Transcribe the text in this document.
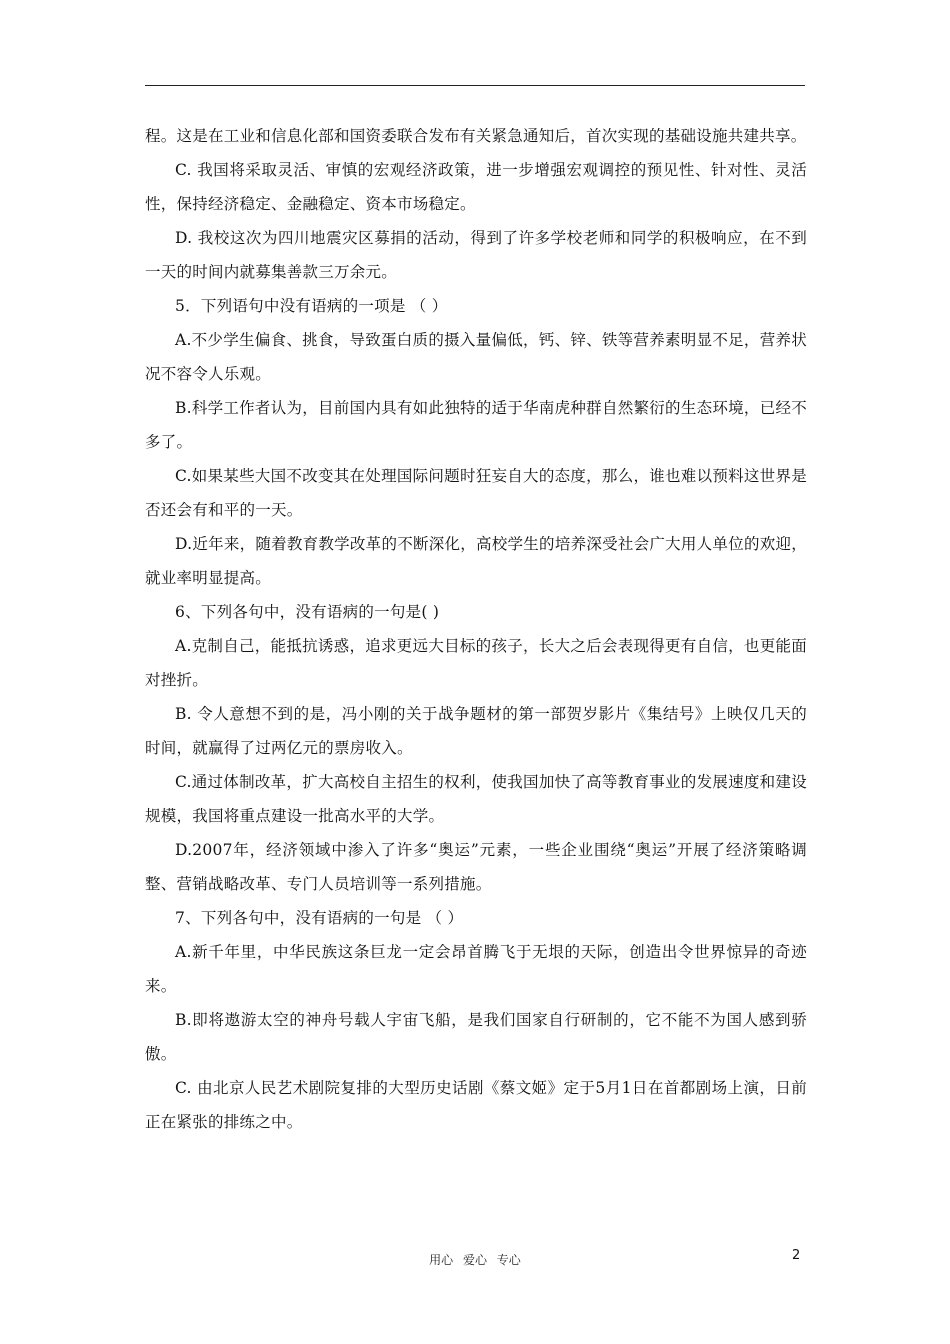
程。这是在工业和信息化部和国资委联合发布有关紧急通知后，首次实现的基础设施共建共享。

C. 我国将采取灵活、审慎的宏观经济政策，进一步增强宏观调控的预见性、针对性、灵活性，保持经济稳定、金融稳定、资本市场稳定。

D. 我校这次为四川地震灾区募捐的活动，得到了许多学校老师和同学的积极响应，在不到一天的时间内就募集善款三万余元。

5．下列语句中没有语病的一项是 （ ）

A.不少学生偏食、挑食，导致蛋白质的摄入量偏低，钙、锌、铁等营养素明显不足，营养状况不容令人乐观。

B.科学工作者认为，目前国内具有如此独特的适于华南虎种群自然繁衍的生态环境，已经不多了。

C.如果某些大国不改变其在处理国际问题时狂妄自大的态度，那么，谁也难以预料这世界是否还会有和平的一天。

D.近年来，随着教育教学改革的不断深化，高校学生的培养深受社会广大用人单位的欢迎，就业率明显提高。

6、下列各句中，没有语病的一句是( )

A.克制自己，能抵抗诱惑，追求更远大目标的孩子，长大之后会表现得更有自信，也更能面对挫折。

B. 令人意想不到的是，冯小刚的关于战争题材的第一部贺岁影片《集结号》上映仅几天的时间，就赢得了过两亿元的票房收入。

C.通过体制改革，扩大高校自主招生的权利，使我国加快了高等教育事业的发展速度和建设规模，我国将重点建设一批高水平的大学。

D.2007年，经济领域中渗入了许多“奥运”元素，一些企业围绕“奥运”开展了经济策略调整、营销战略改革、专门人员培训等一系列措施。

7、下列各句中，没有语病的一句是 （ ）

A.新千年里，中华民族这条巨龙一定会昂首腾飞于无垠的天际，创造出令世界惊异的奇迹来。

B.即将遨游太空的神舟号载人宇宙飞船，是我们国家自行研制的，它不能不为国人感到骄傲。

C. 由北京人民艺术剧院复排的大型历史话剧《蔡文姬》定于5月1日在首都剧场上演，日前正在紧张的排练之中。

用心 爱心 专心	2
